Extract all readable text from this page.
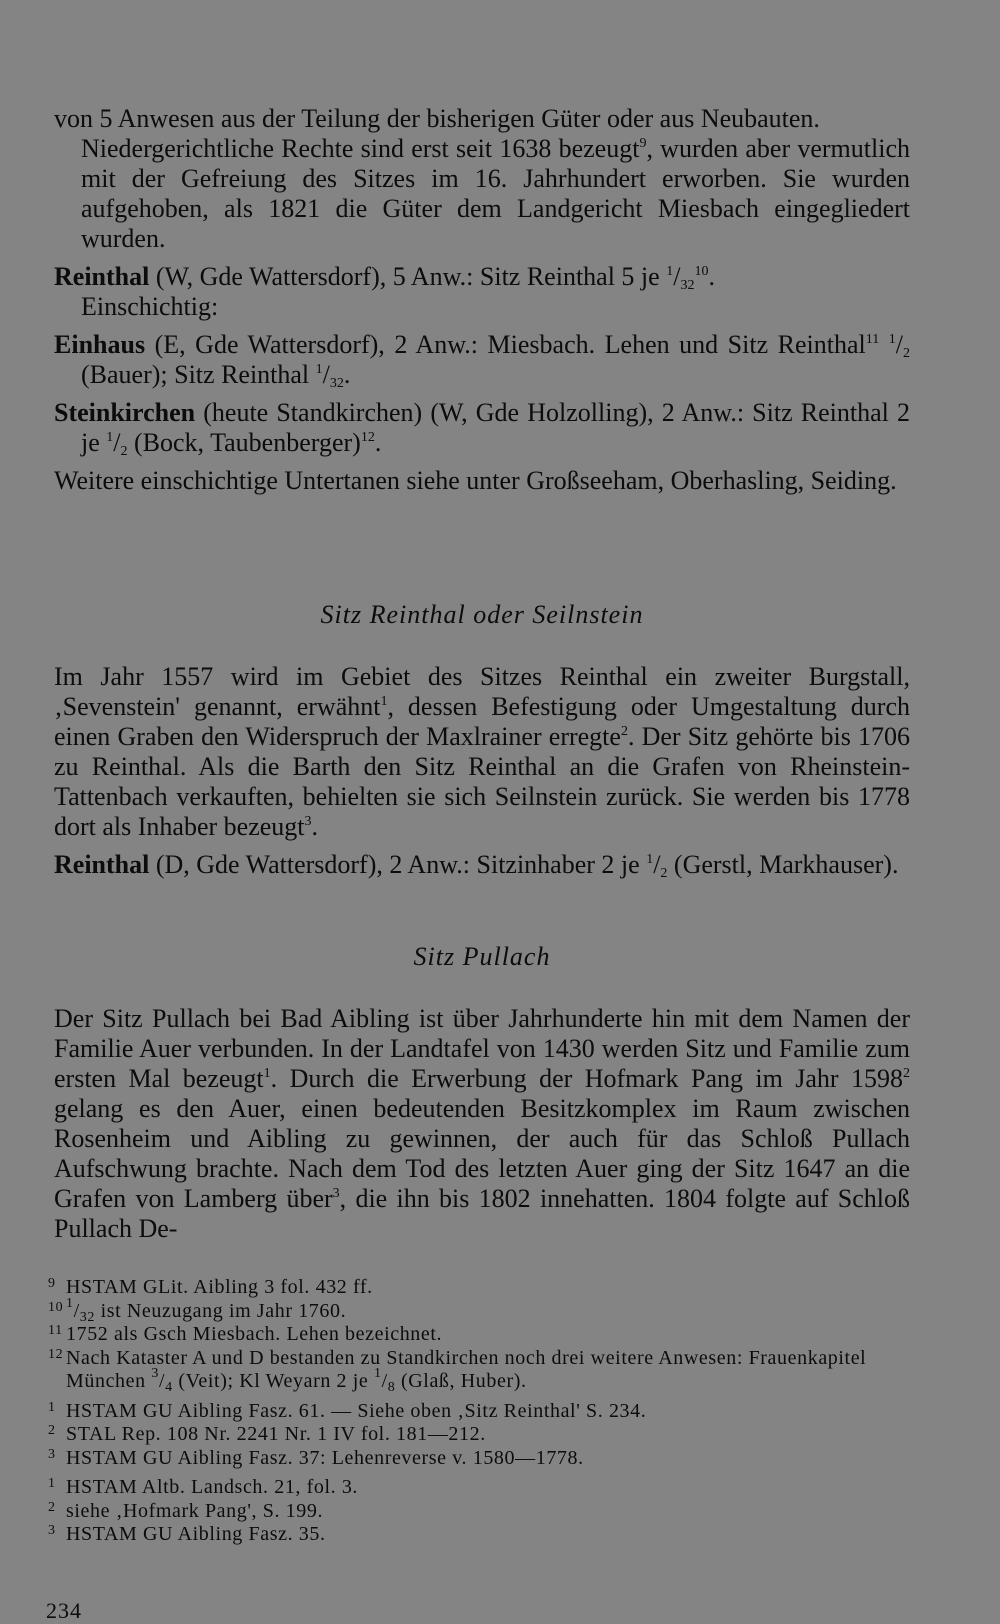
von 5 Anwesen aus der Teilung der bisherigen Güter oder aus Neubauten.

Niedergerichtliche Rechte sind erst seit 1638 bezeugt$^9$, wurden aber vermutlich mit der Gefreiung des Sitzes im 16. Jahrhundert erworben. Sie wurden aufgehoben, als 1821 die Güter dem Landgericht Miesbach eingegliedert wurden.

Reinthal (W, Gde Wattersdorf), 5 Anw.: Sitz Reinthal 5 je $^1/_{32}^{10}$.

Einschichtig:

Einhaus (E, Gde Wattersdorf), 2 Anw.: Miesbach. Lehen und Sitz Reinthal$^{11}$ $^1/_2$ (Bauer); Sitz Reinthal $^1/_{32}$.

Steinkirchen (heute Standkirchen) (W, Gde Holzolling), 2 Anw.: Sitz Reinthal 2 je $^1/_2$ (Bock, Taubenberger)$^{12}$.

Weitere einschichtige Untertanen siehe unter Großseeham, Oberhasling, Seiding.

Sitz Reinthal oder Seilnstein

Im Jahr 1557 wird im Gebiet des Sitzes Reinthal ein zweiter Burgstall, ‚Sevenstein' genannt, erwähnt$^1$, dessen Befestigung oder Umgestaltung durch einen Graben den Widerspruch der Maxlrainer erregte$^2$. Der Sitz gehörte bis 1706 zu Reinthal. Als die Barth den Sitz Reinthal an die Grafen von Rheinstein-Tattenbach verkauften, behielten sie sich Seilnstein zurück. Sie werden bis 1778 dort als Inhaber bezeugt$^3$.

Reinthal (D, Gde Wattersdorf), 2 Anw.: Sitzinhaber 2 je $^1/_2$ (Gerstl, Markhauser).

Sitz Pullach

Der Sitz Pullach bei Bad Aibling ist über Jahrhunderte hin mit dem Namen der Familie Auer verbunden. In der Landtafel von 1430 werden Sitz und Familie zum ersten Mal bezeugt$^1$. Durch die Erwerbung der Hofmark Pang im Jahr 1598$^2$ gelang es den Auer, einen bedeutenden Besitzkomplex im Raum zwischen Rosenheim und Aibling zu gewinnen, der auch für das Schloß Pullach Aufschwung brachte. Nach dem Tod des letzten Auer ging der Sitz 1647 an die Grafen von Lamberg über$^3$, die ihn bis 1802 innehatten. 1804 folgte auf Schloß Pullach De-

9 HSTAM GLit. Aibling 3 fol. 432 ff.

10 $^1/_{32}$ ist Neuzugang im Jahr 1760.

11 1752 als Gsch Miesbach. Lehen bezeichnet.

12 Nach Kataster A und D bestanden zu Standkirchen noch drei weitere Anwesen: Frauenkapitel München $^3/_4$ (Veit); Kl Weyarn 2 je $^1/_8$ (Glaß, Huber).

1 HSTAM GU Aibling Fasz. 61. — Siehe oben ‚Sitz Reinthal' S. 234.

2 STAL Rep. 108 Nr. 2241 Nr. 1 IV fol. 181—212.

3 HSTAM GU Aibling Fasz. 37: Lehenreverse v. 1580—1778.

1 HSTAM Altb. Landsch. 21, fol. 3.

2 siehe ‚Hofmark Pang', S. 199.

3 HSTAM GU Aibling Fasz. 35.

234
